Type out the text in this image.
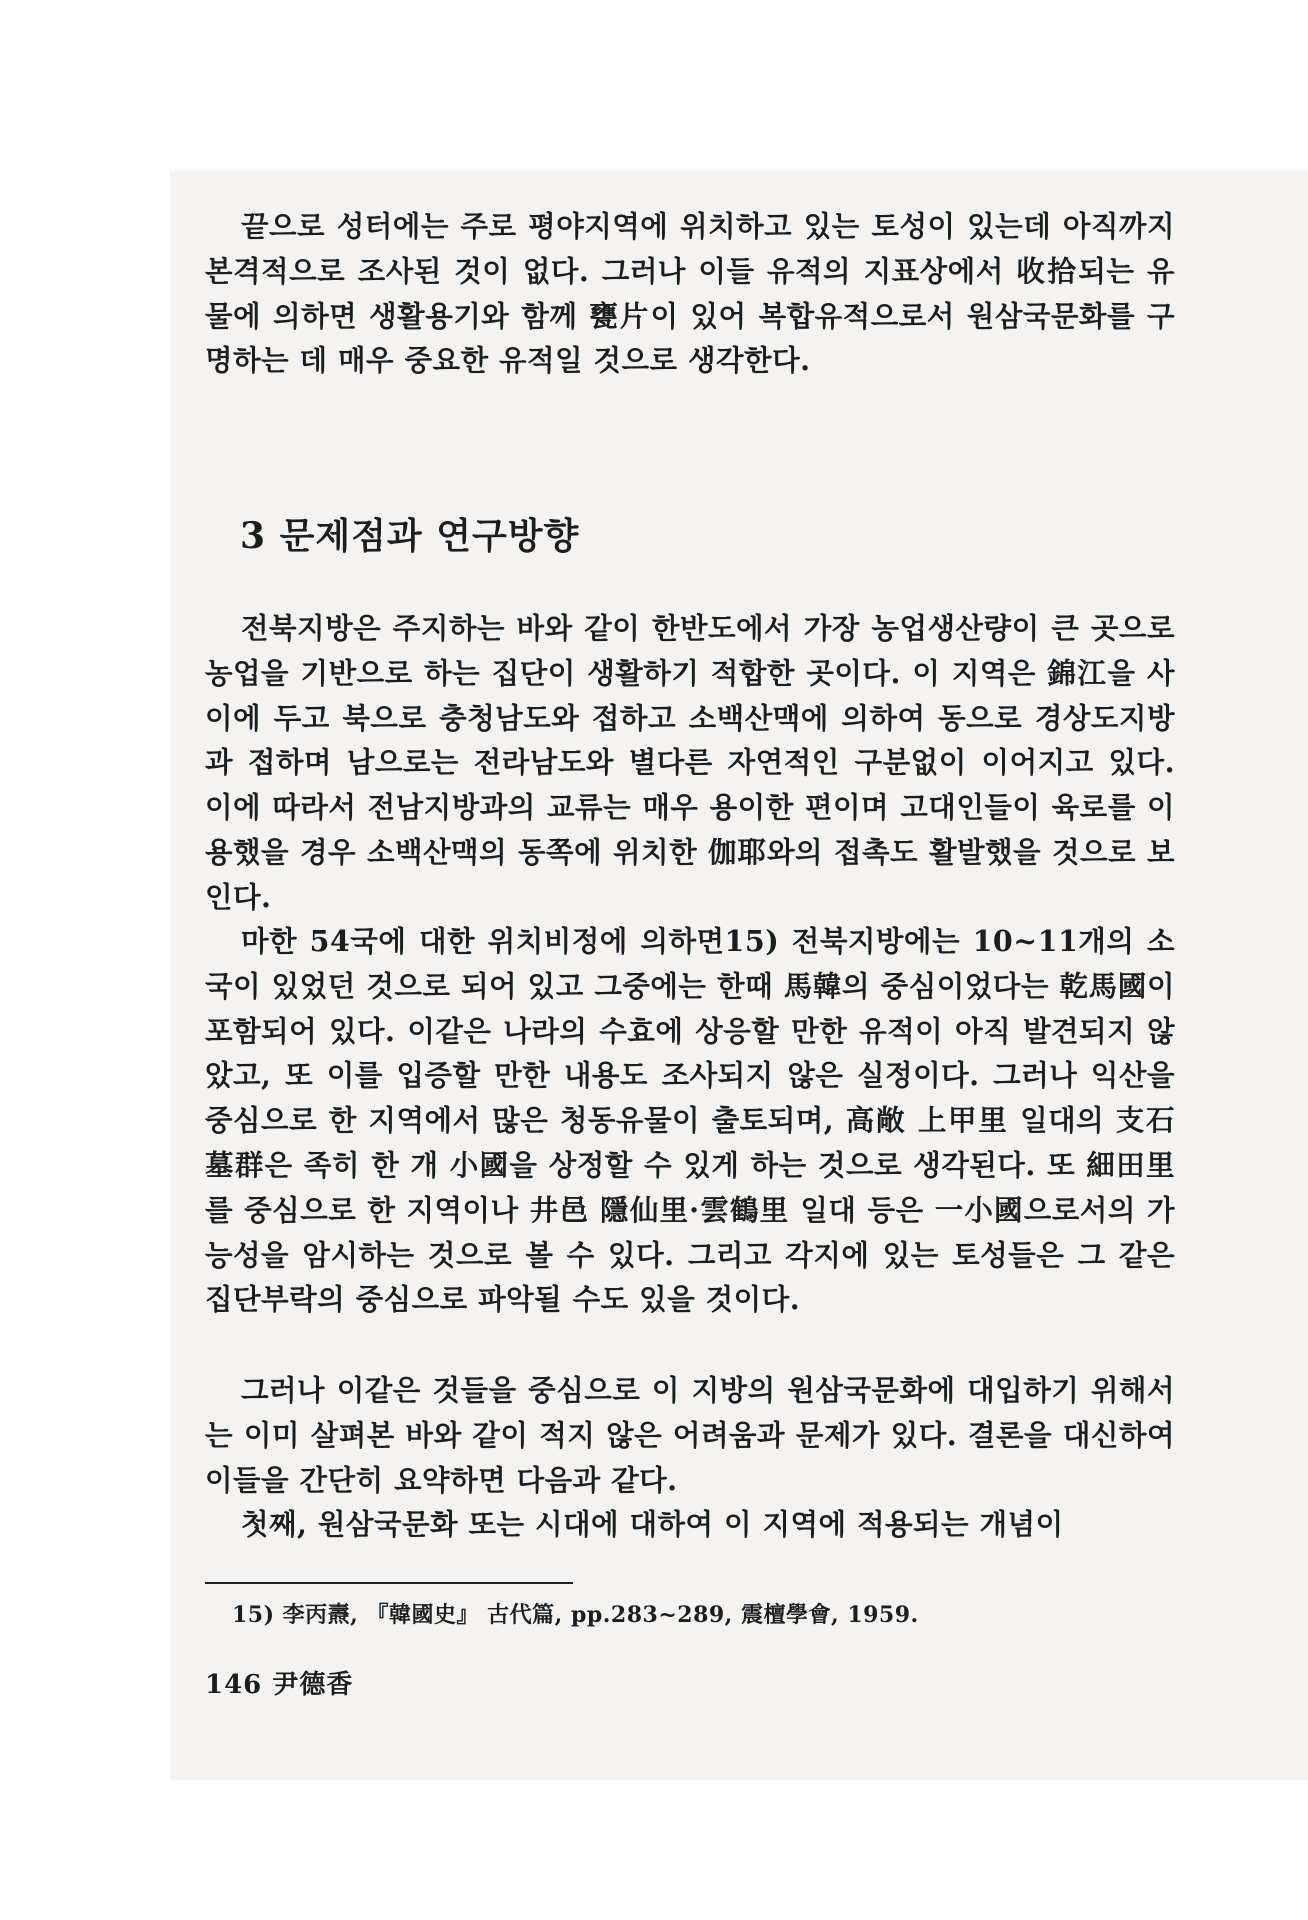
끝으로 성터에는 주로 평야지역에 위치하고 있는 토성이 있는데 아직까지 본격적으로 조사된 것이 없다. 그러나 이들 유적의 지표상에서 收拾되는 유물에 의하면 생활용기와 함께 甕片이 있어 복합유적으로서 원삼국문화를 구명하는 데 매우 중요한 유적일 것으로 생각한다.

3 문제점과 연구방향

전북지방은 주지하는 바와 같이 한반도에서 가장 농업생산량이 큰 곳으로 농업을 기반으로 하는 집단이 생활하기 적합한 곳이다. 이 지역은 錦江을 사이에 두고 북으로 충청남도와 접하고 소백산맥에 의하여 동으로 경상도지방과 접하며 남으로는 전라남도와 별다른 자연적인 구분없이 이어지고 있다. 이에 따라서 전남지방과의 교류는 매우 용이한 편이며 고대인들이 육로를 이용했을 경우 소백산맥의 동쪽에 위치한 伽耶와의 접촉도 활발했을 것으로 보인다.

마한 54국에 대한 위치비정에 의하면15) 전북지방에는 10~11개의 소국이 있었던 것으로 되어 있고 그중에는 한때 馬韓의 중심이었다는 乾馬國이 포함되어 있다. 이같은 나라의 수효에 상응할 만한 유적이 아직 발견되지 않았고, 또 이를 입증할 만한 내용도 조사되지 않은 실정이다. 그러나 익산을 중심으로 한 지역에서 많은 청동유물이 출토되며, 高敞 上甲里 일대의 支石墓群은 족히 한 개 小國을 상정할 수 있게 하는 것으로 생각된다. 또 細田里를 중심으로 한 지역이나 井邑 隱仙里·雲鶴里 일대 등은 一小國으로서의 가능성을 암시하는 것으로 볼 수 있다. 그리고 각지에 있는 토성들은 그 같은 집단부락의 중심으로 파악될 수도 있을 것이다.

그러나 이같은 것들을 중심으로 이 지방의 원삼국문화에 대입하기 위해서는 이미 살펴본 바와 같이 적지 않은 어려움과 문제가 있다. 결론을 대신하여 이들을 간단히 요약하면 다음과 같다.

첫째, 원삼국문화 또는 시대에 대하여 이 지역에 적용되는 개념이

15) 李丙燾, 『韓國史』 古代篇, pp.283~289, 震檀學會, 1959.

146 尹德香
